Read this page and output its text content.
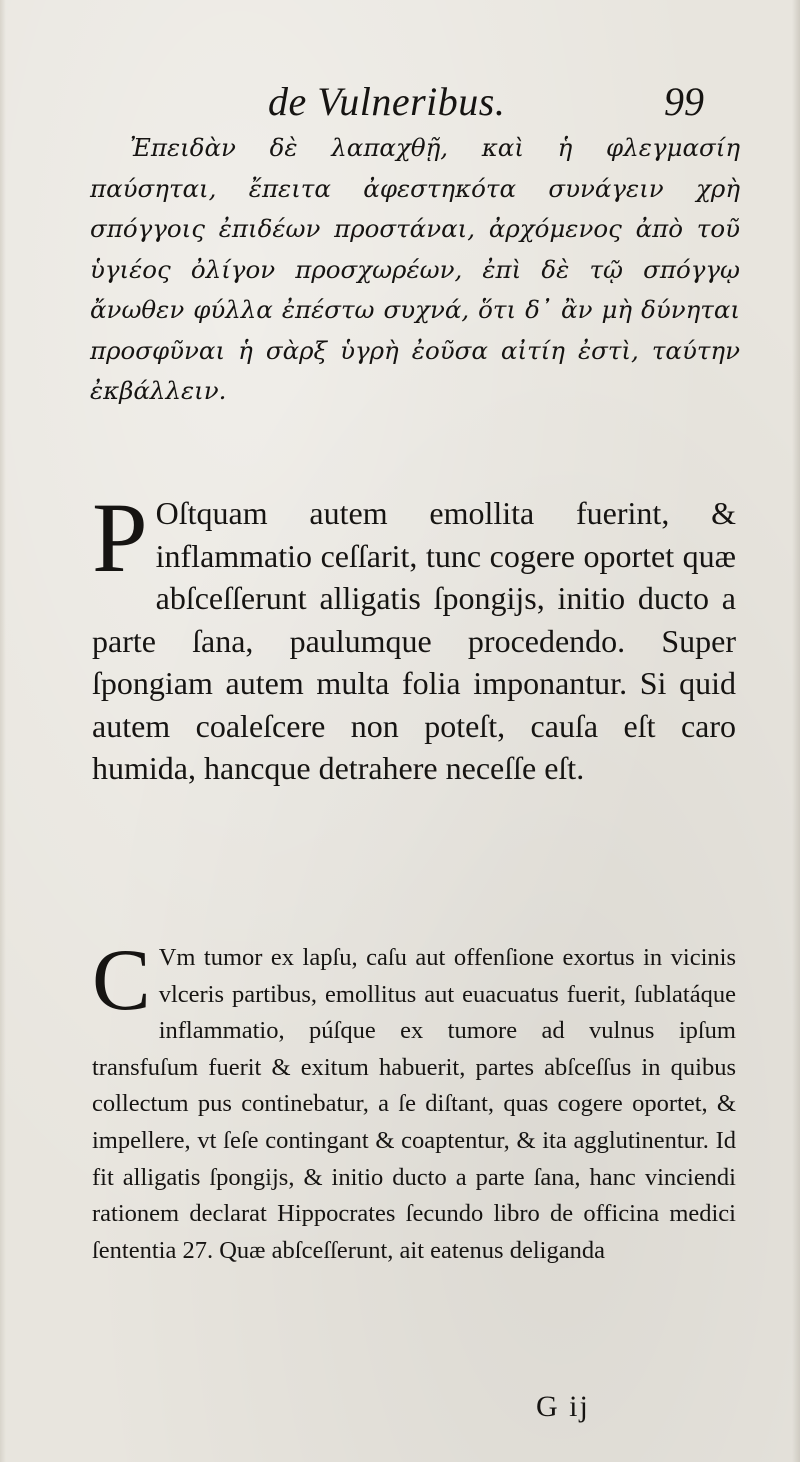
de Vulneribus.	99

Ἐπειδὰν δὲ λαπαχθῇ, καὶ ἡ φλεγμασίη παύσηται, ἔπειτα ἀφεστηκότα συνάγειν χρὴ σπόγγοις ἐπιδέων προστάναι, ἀρχόμενος ἀπὸ τοῦ ὑγιέος ὀλίγον προσχωρέων, ἐπὶ δὲ τῷ σπόγγῳ ἄνωθεν φύλλα ἐπέστω συχνά, ὅτι δ᾽ ἂν μὴ δύνηται προσφῦναι ἡ σὰρξ ὑγρὴ ἐοῦσα αἰτίη ἐστὶ, ταύτην ἐκβάλλειν.

P Oſtquam autem emollita fuerint, & inflammatio ceſſarit, tunc cogere oportet quæ abſceſſerunt alligatis ſpongijs, initio ducto a parte ſana, paulumque procedendo. Super ſpongiam autem multa folia imponantur. Si quid autem coaleſcere non poteſt, cauſa eſt caro humida, hancque detrahere neceſſe eſt.

C Vm tumor ex lapſu, caſu aut offenſione exortus in vicinis vlceris partibus, emollitus aut euacuatus fuerit, ſublatáque inflammatio, púſque ex tumore ad vulnus ipſum transfuſum fuerit & exitum habuerit, partes abſceſſus in quibus collectum pus continebatur, a ſe diſtant, quas cogere oportet, & impellere, vt ſeſe contingant & coaptentur, & ita agglutinentur. Id fit alligatis ſpongijs, & initio ducto a parte ſana, hanc vinciendi rationem declarat Hippocrates ſecundo libro de officina medici ſententia 27. Quæ abſceſſerunt, ait eatenus deliganda

G ij
